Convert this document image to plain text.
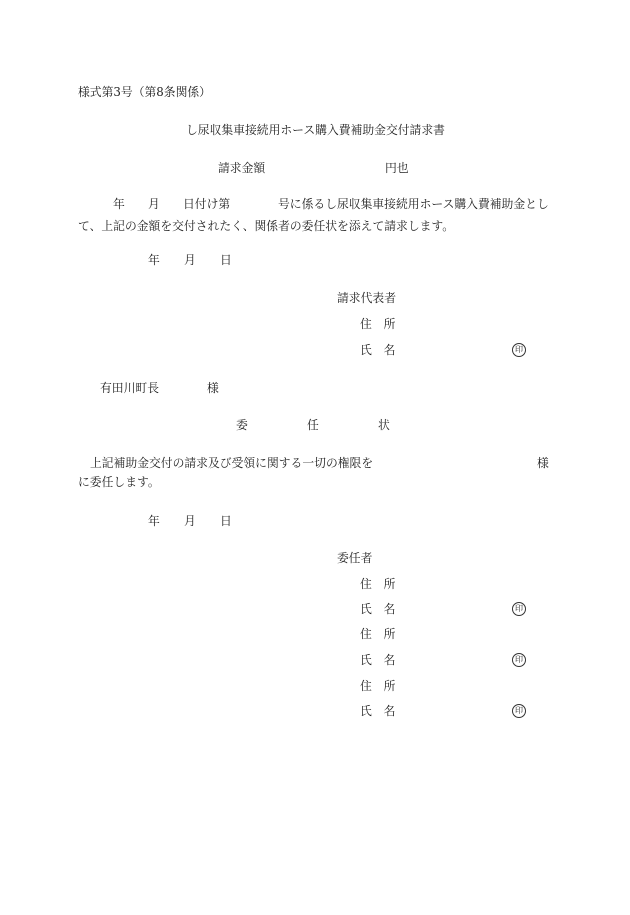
様式第3号（第8条関係）
し尿収集車接続用ホース購入費補助金交付請求書
請求金額	円也
年 月 日付け第	号に係るし尿収集車接続用ホース購入費補助金とし
て、上記の金額を交付されたく、関係者の委任状を添えて請求します。
年 月 日
請求代表者
住　所
氏　名	印
有田川町長	様
委	任	状
上記補助金交付の請求及び受領に関する一切の権限を	様
に委任します。
年 月 日
委任者
住　所
氏　名	印
住　所
氏　名	印
住　所
氏　名	印
